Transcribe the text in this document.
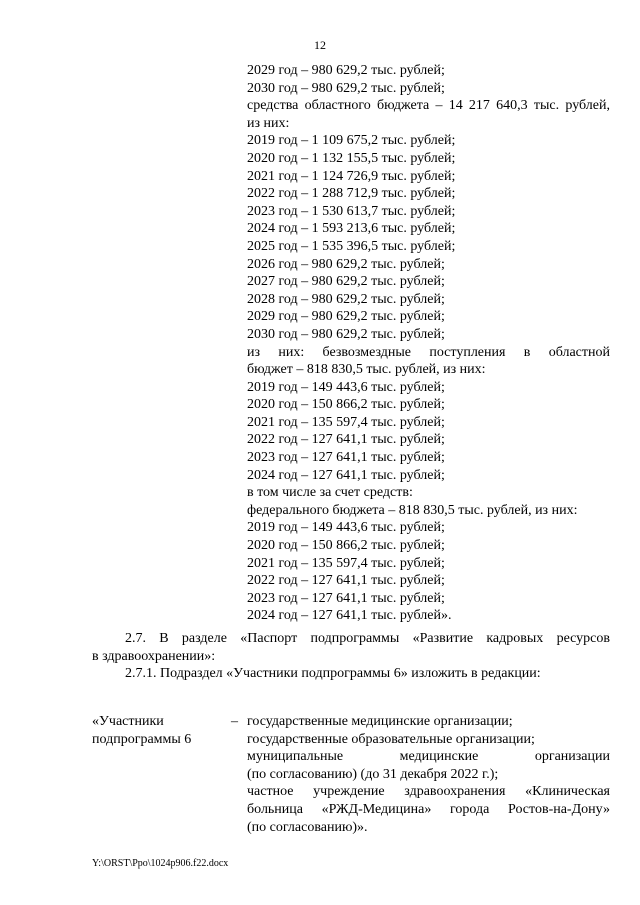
12
2029 год – 980 629,2 тыс. рублей;
2030 год – 980 629,2 тыс. рублей;
средства областного бюджета – 14 217 640,3 тыс. рублей,
из них:
2019 год – 1 109 675,2 тыс. рублей;
2020 год – 1 132 155,5 тыс. рублей;
2021 год – 1 124 726,9 тыс. рублей;
2022 год – 1 288 712,9 тыс. рублей;
2023 год – 1 530 613,7 тыс. рублей;
2024 год – 1 593 213,6 тыс. рублей;
2025 год – 1 535 396,5 тыс. рублей;
2026 год – 980 629,2 тыс. рублей;
2027 год – 980 629,2 тыс. рублей;
2028 год – 980 629,2 тыс. рублей;
2029 год – 980 629,2 тыс. рублей;
2030 год – 980 629,2 тыс. рублей;
из них: безвозмездные поступления в областной
бюджет – 818 830,5 тыс. рублей, из них:
2019 год – 149 443,6 тыс. рублей;
2020 год – 150 866,2 тыс. рублей;
2021 год – 135 597,4 тыс. рублей;
2022 год – 127 641,1 тыс. рублей;
2023 год – 127 641,1 тыс. рублей;
2024 год – 127 641,1 тыс. рублей;
в том числе за счет средств:
федерального бюджета – 818 830,5 тыс. рублей, из них:
2019 год – 149 443,6 тыс. рублей;
2020 год – 150 866,2 тыс. рублей;
2021 год – 135 597,4 тыс. рублей;
2022 год – 127 641,1 тыс. рублей;
2023 год – 127 641,1 тыс. рублей;
2024 год – 127 641,1 тыс. рублей».
2.7. В разделе «Паспорт подпрограммы «Развитие кадровых ресурсов
в здравоохранении»:
2.7.1. Подраздел «Участники подпрограммы 6» изложить в редакции:
«Участники
подпрограммы 6
– государственные медицинские организации;
государственные образовательные организации;
муниципальные медицинские организации
(по согласованию) (до 31 декабря 2022 г.);
частное учреждение здравоохранения «Клиническая
больница «РЖД-Медицина» города Ростов-на-Дону»
(по согласованию)».
Y:\ORST\Ppo\1024p906.f22.docx
